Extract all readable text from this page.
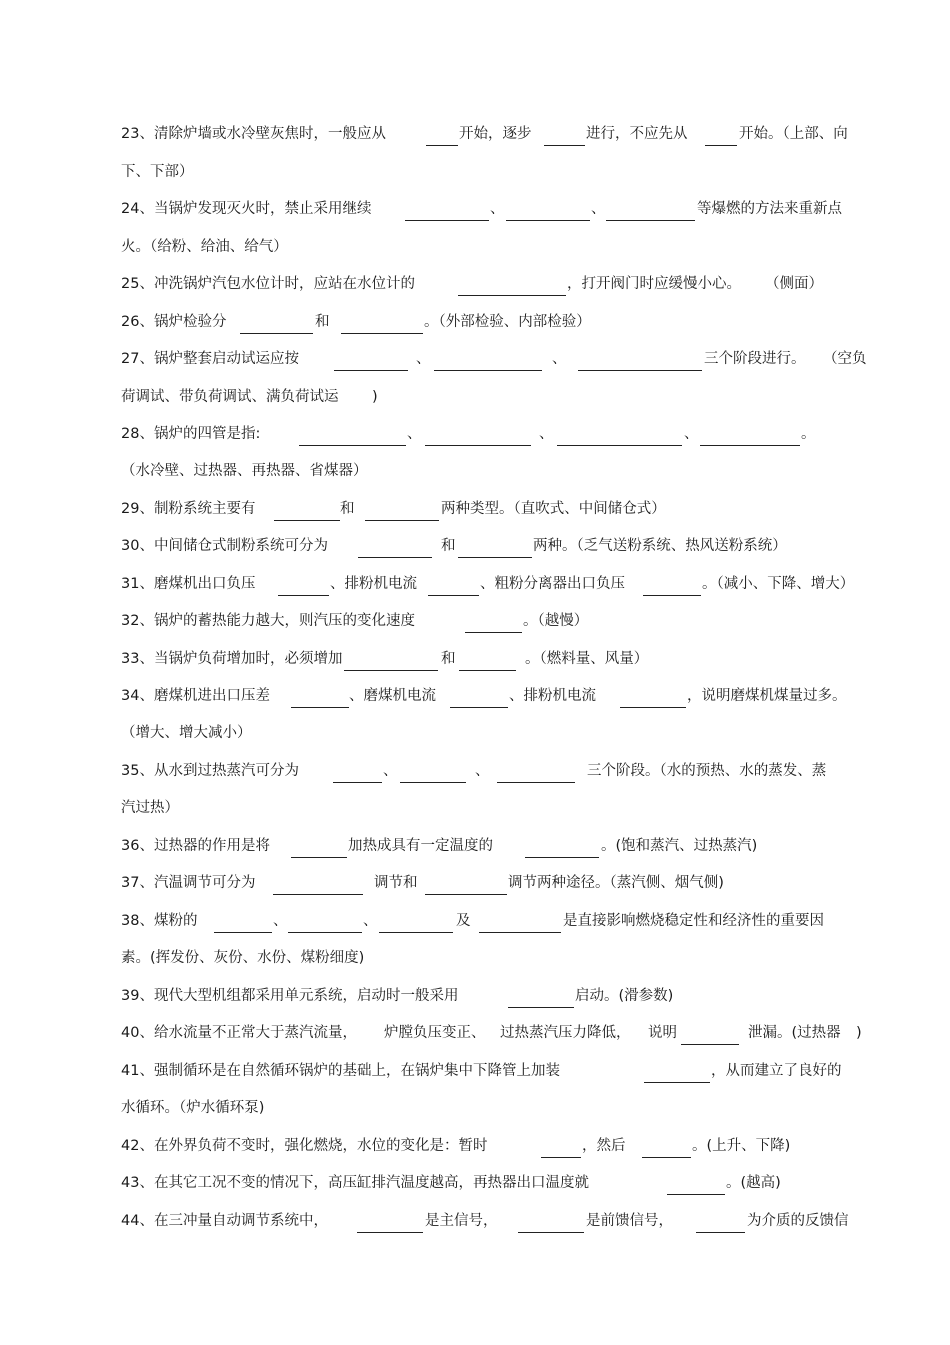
23、清除炉墙或水冷壁灰焦时，一般应从	开始，逐步	进行，不应先从	开始。（上部、向
下、下部）
24、当锅炉发现灭火时，禁止采用继续	、	、	等爆燃的方法来重新点
火。（给粉、给油、给气）
25、冲洗锅炉汽包水位计时，应站在水位计的	，打开阀门时应缓慢小心。 （侧面）
26、锅炉检验分	和	。（外部检验、内部检验）
27、锅炉整套启动试运应按	、	、	三个阶段进行。 （空负
荷调试、带负荷调试、满负荷试运 )
28、锅炉的四管是指:	、	、	、	。
（水冷壁、过热器、再热器、省煤器）
29、制粉系统主要有	和	两种类型。（直吹式、中间储仓式）
30、中间储仓式制粉系统可分为	和	两种。（乏气送粉系统、热风送粉系统）
31、磨煤机出口负压	、排粉机电流	、粗粉分离器出口负压	。（减小、下降、增大）
32、锅炉的蓄热能力越大，则汽压的变化速度	。（越慢）
33、当锅炉负荷增加时，必须增加	和	。（燃料量、风量）
34、磨煤机进出口压差	、磨煤机电流	、排粉机电流	，说明磨煤机煤量过多。
（增大、增大减小）
35、从水到过热蒸汽可分为	、	、	三个阶段。（水的预热、水的蒸发、蒸
汽过热）
36、过热器的作用是将	加热成具有一定温度的	。(饱和蒸汽、过热蒸汽)
37、汽温调节可分为	调节和	调节两种途径。（蒸汽侧、烟气侧)
38、煤粉的	、	、	及	是直接影响燃烧稳定性和经济性的重要因
素。(挥发份、灰份、水份、煤粉细度)
39、现代大型机组都采用单元系统，启动时一般采用	启动。(滑参数)
40、给水流量不正常大于蒸汽流量， 炉膛负压变正、 过热蒸汽压力降低， 说明	泄漏。(过热器 )
41、强制循环是在自然循环锅炉的基础上，在锅炉集中下降管上加装	，从而建立了良好的
水循环。（炉水循环泵)
42、在外界负荷不变时，强化燃烧，水位的变化是：暂时	，然后	。(上升、下降)
43、在其它工况不变的情况下，高压缸排汽温度越高，再热器出口温度就	。(越高)
44、在三冲量自动调节系统中，	是主信号，	是前馈信号，	为介质的反馈信
